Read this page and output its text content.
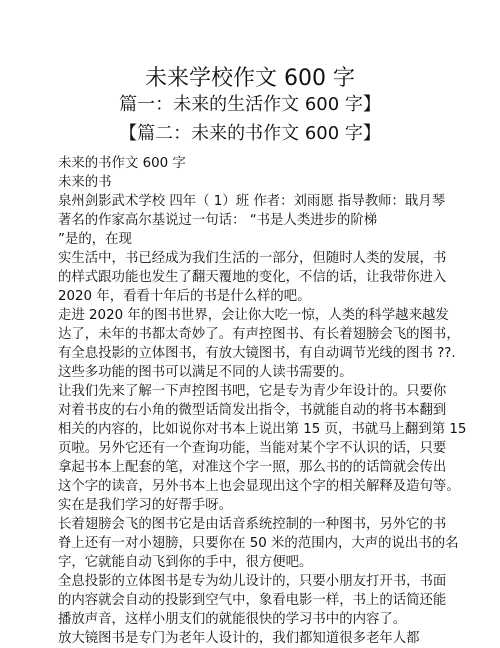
未来学校作文 600 字
篇一：未来的生活作文 600 字】
【篇二：未来的书作文 600 字】
未来的书作文 600 字
未来的书
泉州剑影武术学校 四年（ 1）班 作者：刘雨愿 指导教师：戢月琴
著名的作家高尔基说过一句话： “书是人类进步的阶梯
”是的，在现
实生活中，书已经成为我们生活的一部分，但随时人类的发展，书
的样式跟功能也发生了翻天覆地的变化，不信的话，让我带你进入
2020 年，看看十年后的书是什么样的吧。
走进 2020 年的图书世界，会让你大吃一惊，人类的科学越来越发
达了，未年的书都太奇妙了。有声控图书、有长着翅膀会飞的图书，
有全息投影的立体图书，有放大镜图书，有自动调节光线的图书 ??.
这些多功能的图书可以满足不同的人读书需要的。
让我们先来了解一下声控图书吧，它是专为青少年设计的。只要你
对着书皮的右小角的微型话筒发出指令，书就能自动的将书本翻到
相关的内容的，比如说你对书本上说出第 15 页，书就马上翻到第 15
页啦。另外它还有一个查询功能，当能对某个字不认识的话，只要
拿起书本上配套的笔，对准这个字一照，那么书的的话筒就会传出
这个字的读音，另外书本上也会显现出这个字的相关解释及造句等。
实在是我们学习的好帮手呀。
长着翅膀会飞的图书它是由话音系统控制的一种图书，另外它的书
脊上还有一对小翅膀，只要你在 50 米的范围内，大声的说出书的名
字，它就能自动飞到你的手中，很方便吧。
全息投影的立体图书是专为幼儿设计的，只要小朋友打开书，书面
的内容就会自动的投影到空气中，象看电影一样，书上的话简还能
播放声音，这样小朋支们的就能很快的学习书中的内容了。
放大镜图书是专门为老年人设计的，我们都知道很多老年人都
